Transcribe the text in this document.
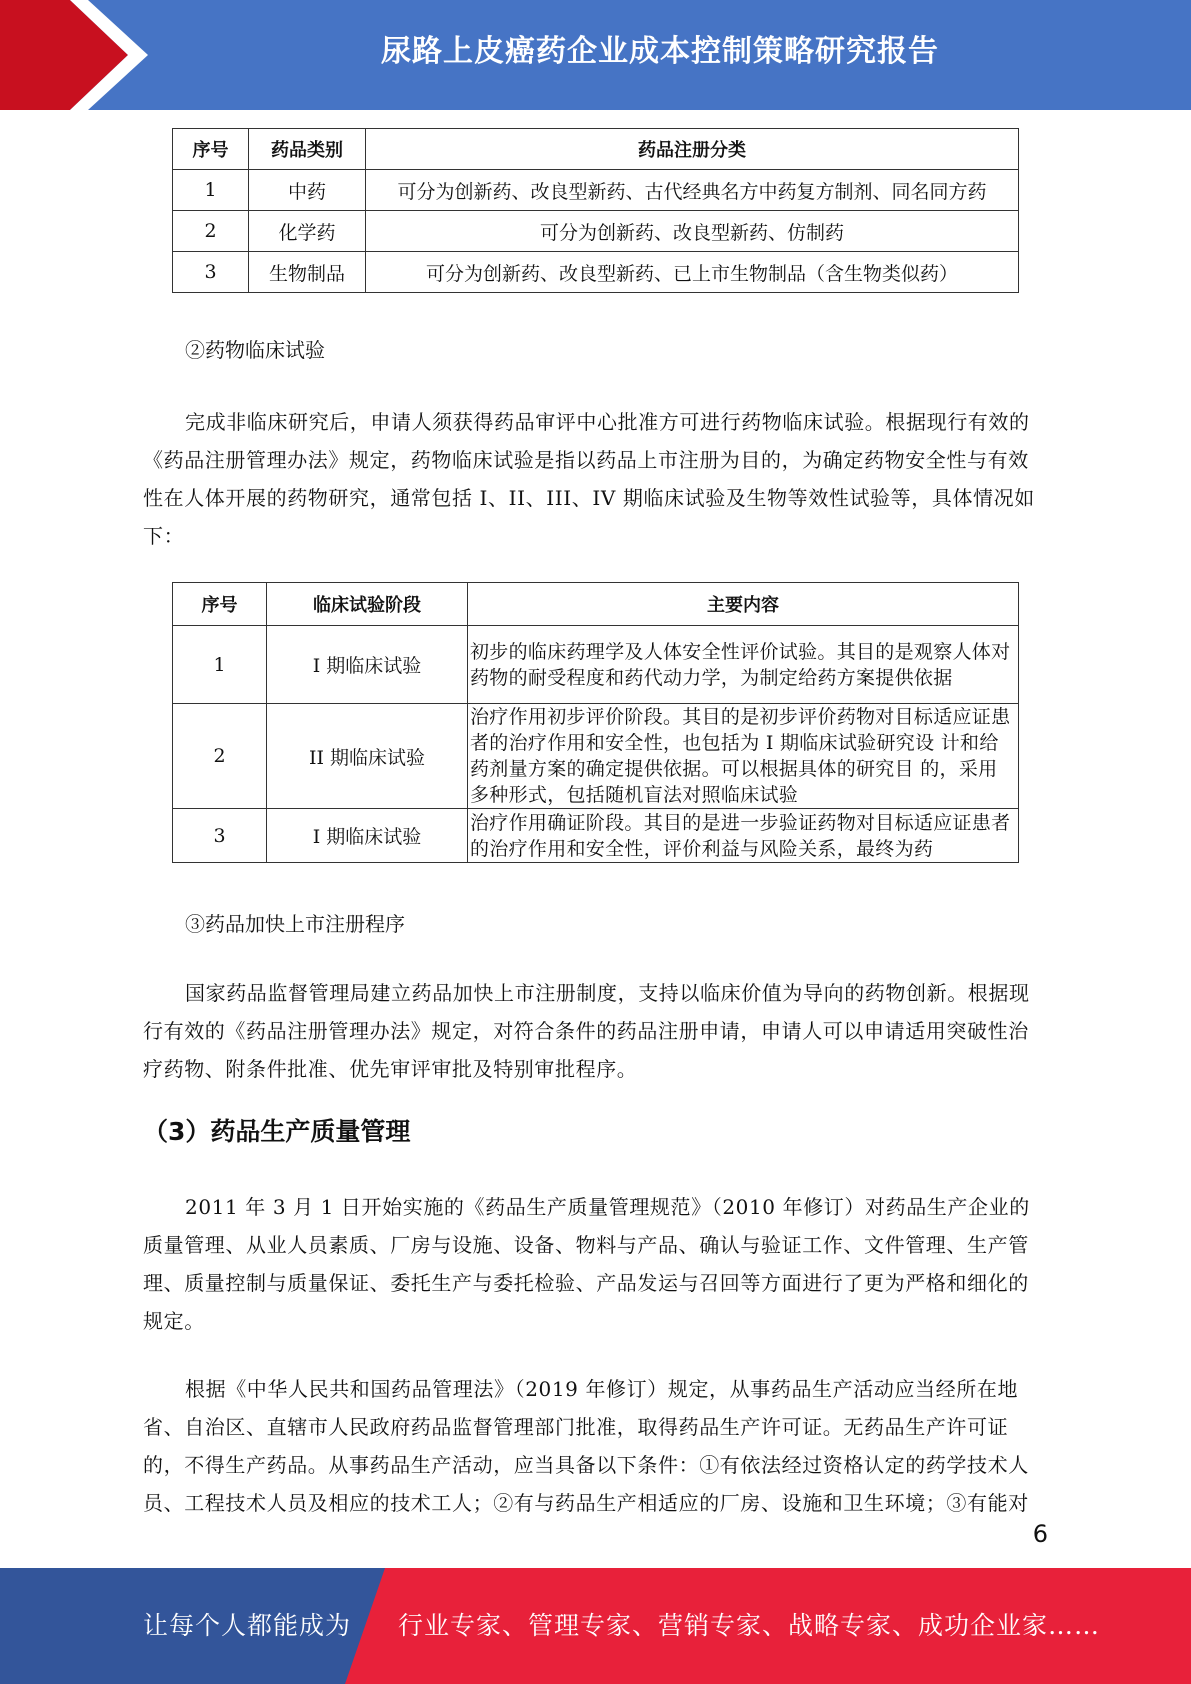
尿路上皮癌药企业成本控制策略研究报告
序号	药品类别	药品注册分类
1	中药	可分为创新药、改良型新药、古代经典名方中药复方制剂、同名同方药
2	化学药	可分为创新药、改良型新药、仿制药
3	生物制品	可分为创新药、改良型新药、已上市生物制品（含生物类似药）

②药物临床试验

完成非临床研究后，申请人须获得药品审评中心批准方可进行药物临床试验。根据现行有效的《药品注册管理办法》规定，药物临床试验是指以药品上市注册为目的，为确定药物安全性与有效性在人体开展的药物研究，通常包括 I、II、III、IV 期临床试验及生物等效性试验等，具体情况如下：

序号	临床试验阶段	主要内容
1	I 期临床试验	初步的临床药理学及人体安全性评价试验。其目的是观察人体对药物的耐受程度和药代动力学，为制定给药方案提供依据
2	II 期临床试验	治疗作用初步评价阶段。其目的是初步评价药物对目标适应证患者的治疗作用和安全性，也包括为 I 期临床试验研究设 计和给药剂量方案的确定提供依据。可以根据具体的研究目 的，采用多种形式，包括随机盲法对照临床试验
3	I 期临床试验	治疗作用确证阶段。其目的是进一步验证药物对目标适应证患者的治疗作用和安全性，评价利益与风险关系，最终为药

③药品加快上市注册程序

国家药品监督管理局建立药品加快上市注册制度，支持以临床价值为导向的药物创新。根据现行有效的《药品注册管理办法》规定，对符合条件的药品注册申请，申请人可以申请适用突破性治疗药物、附条件批准、优先审评审批及特别审批程序。

（3）药品生产质量管理

2011 年 3 月 1 日开始实施的《药品生产质量管理规范》（2010 年修订）对药品生产企业的质量管理、从业人员素质、厂房与设施、设备、物料与产品、确认与验证工作、文件管理、生产管理、质量控制与质量保证、委托生产与委托检验、产品发运与召回等方面进行了更为严格和细化的规定。

根据《中华人民共和国药品管理法》（2019 年修订）规定，从事药品生产活动应当经所在地省、自治区、直辖市人民政府药品监督管理部门批准，取得药品生产许可证。无药品生产许可证的，不得生产药品。从事药品生产活动，应当具备以下条件：①有依法经过资格认定的药学技术人员、工程技术人员及相应的技术工人；②有与药品生产相适应的厂房、设施和卫生环境；③有能对

6
让每个人都能成为 行业专家、管理专家、营销专家、战略专家、成功企业家……
